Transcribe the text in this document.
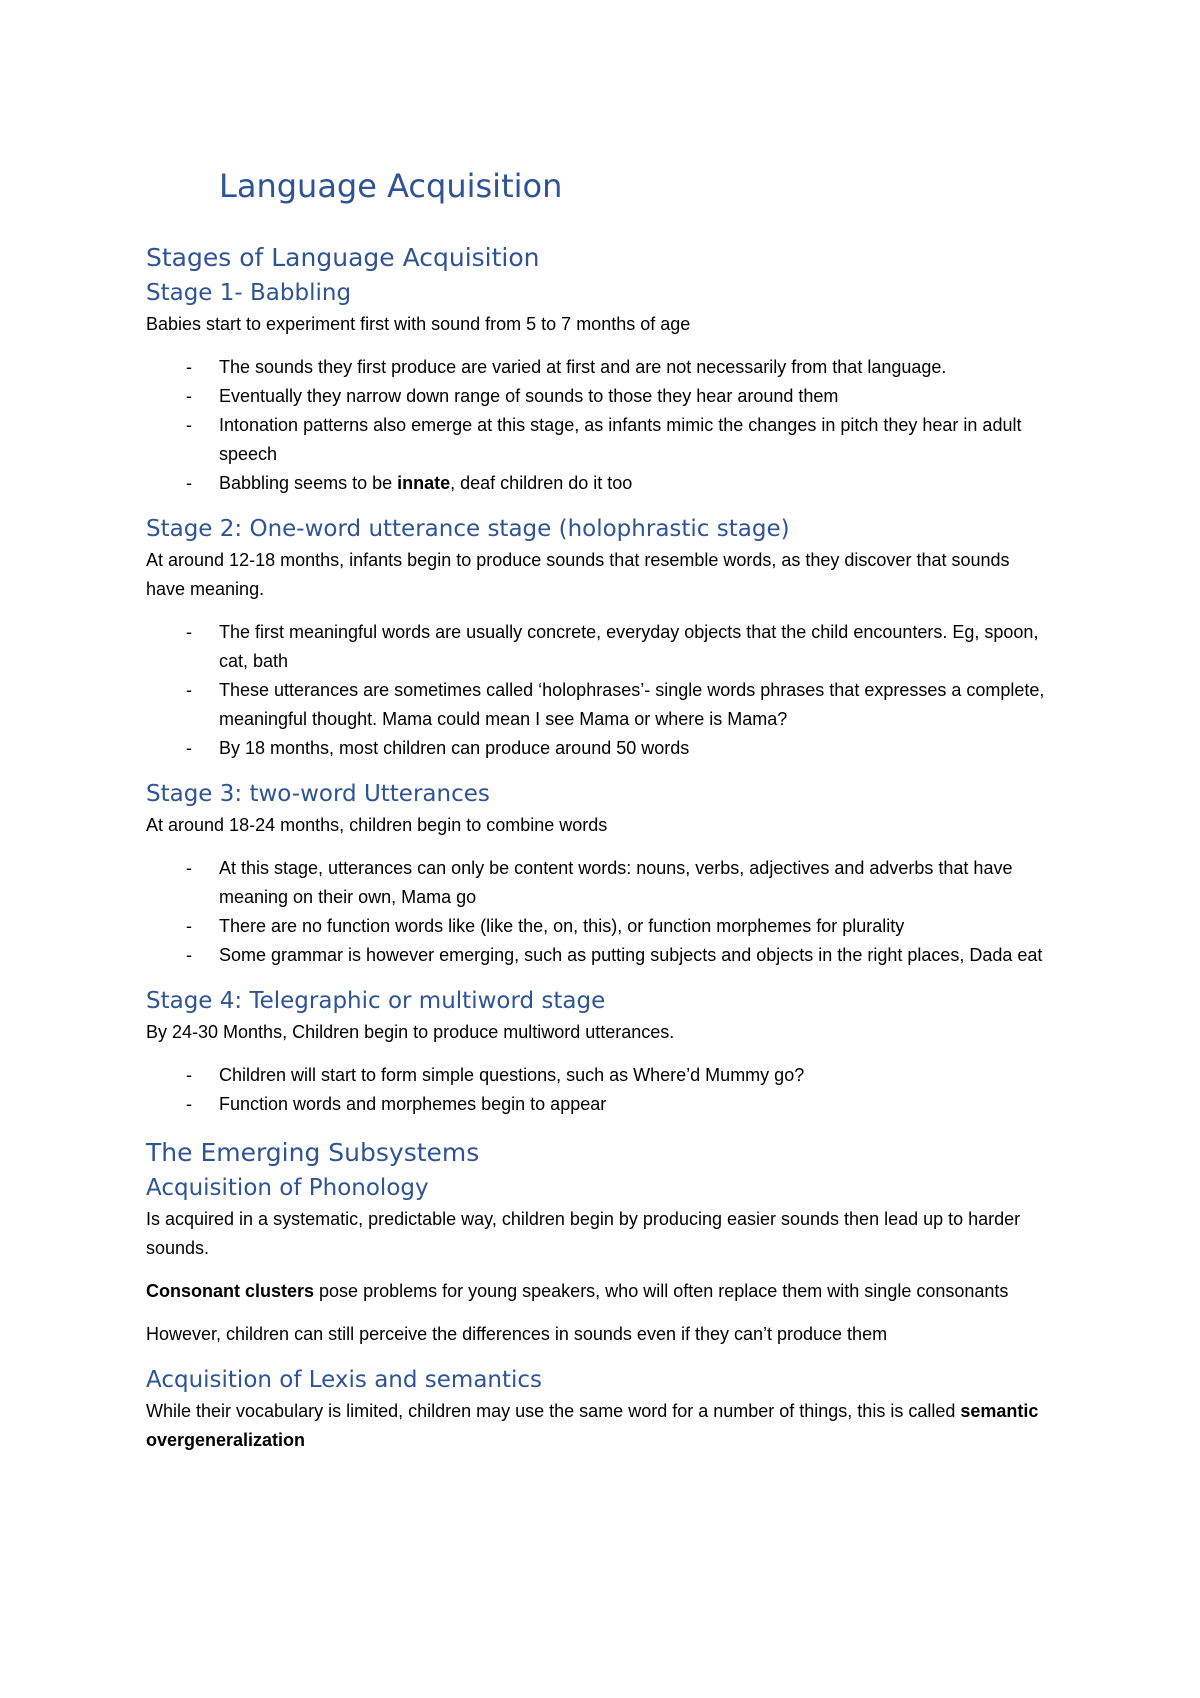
Language Acquisition
Stages of Language Acquisition
Stage 1- Babbling

Babies start to experiment first with sound from 5 to 7 months of age

- The sounds they first produce are varied at first and are not necessarily from that language.
- Eventually they narrow down range of sounds to those they hear around them
- Intonation patterns also emerge at this stage, as infants mimic the changes in pitch they hear in adult speech
- Babbling seems to be innate, deaf children do it too
Stage 2: One-word utterance stage (holophrastic stage)

At around 12-18 months, infants begin to produce sounds that resemble words, as they discover that sounds have meaning.

- The first meaningful words are usually concrete, everyday objects that the child encounters. Eg, spoon, cat, bath
- These utterances are sometimes called ‘holophrases’- single words phrases that expresses a complete, meaningful thought. Mama could mean I see Mama or where is Mama?
- By 18 months, most children can produce around 50 words
Stage 3: two-word Utterances

At around 18-24 months, children begin to combine words

- At this stage, utterances can only be content words: nouns, verbs, adjectives and adverbs that have meaning on their own, Mama go
- There are no function words like (like the, on, this), or function morphemes for plurality
- Some grammar is however emerging, such as putting subjects and objects in the right places, Dada eat
Stage 4: Telegraphic or multiword stage

By 24-30 Months, Children begin to produce multiword utterances.

- Children will start to form simple questions, such as Where’d Mummy go?
- Function words and morphemes begin to appear
The Emerging Subsystems
Acquisition of Phonology

Is acquired in a systematic, predictable way, children begin by producing easier sounds then lead up to harder sounds.

Consonant clusters pose problems for young speakers, who will often replace them with single consonants

However, children can still perceive the differences in sounds even if they can’t produce them

Acquisition of Lexis and semantics

While their vocabulary is limited, children may use the same word for a number of things, this is called semantic overgeneralization
